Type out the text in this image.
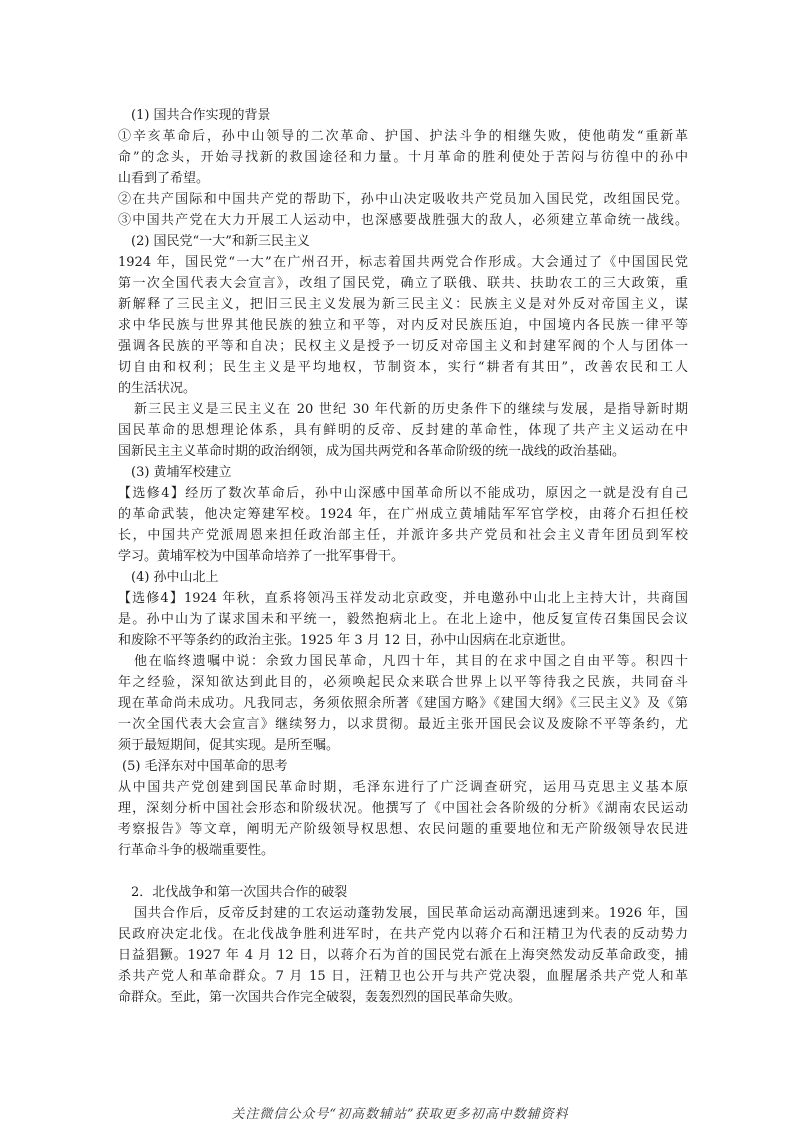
(1) 国共合作实现的背景
①辛亥革命后，孙中山领导的二次革命、护国、护法斗争的相继失败，使他萌发“重新革
命”的念头，开始寻找新的救国途径和力量。十月革命的胜利使处于苦闷与彷徨中的孙中
山看到了希望。
②在共产国际和中国共产党的帮助下，孙中山决定吸收共产党员加入国民党，改组国民党。
③中国共产党在大力开展工人运动中，也深感要战胜强大的敌人，必须建立革命统一战线。
(2) 国民党“一大”和新三民主义
1924 年，国民党“一大”在广州召开，标志着国共两党合作形成。大会通过了《中国国民党
第一次全国代表大会宣言》，改组了国民党，确立了联俄、联共、扶助农工的三大政策，重
新解释了三民主义，把旧三民主义发展为新三民主义：民族主义是对外反对帝国主义，谋
求中华民族与世界其他民族的独立和平等，对内反对民族压迫，中国境内各民族一律平等
强调各民族的平等和自决；民权主义是授予一切反对帝国主义和封建军阀的个人与团体一
切自由和权利；民生主义是平均地权，节制资本，实行“耕者有其田”，改善农民和工人
的生活状况。
新三民主义是三民主义在 20 世纪 30 年代新的历史条件下的继续与发展，是指导新时期
国民革命的思想理论体系，具有鲜明的反帝、反封建的革命性，体现了共产主义运动在中
国新民主主义革命时期的政治纲领，成为国共两党和各革命阶级的统一战线的政治基础。
(3) 黄埔军校建立
【选修4】经历了数次革命后，孙中山深感中国革命所以不能成功，原因之一就是没有自己
的革命武装，他决定筹建军校。1924 年，在广州成立黄埔陆军军官学校，由蒋介石担任校
长，中国共产党派周恩来担任政治部主任，并派许多共产党员和社会主义青年团员到军校
学习。黄埔军校为中国革命培养了一批军事骨干。
(4) 孙中山北上
【选修4】1924 年秋，直系将领冯玉祥发动北京政变，并电邀孙中山北上主持大计，共商国
是。孙中山为了谋求国未和平统一，毅然抱病北上。在北上途中，他反复宣传召集国民会议
和废除不平等条约的政治主张。1925 年 3 月 12 日，孙中山因病在北京逝世。
他在临终遗嘱中说：余致力国民革命，凡四十年，其目的在求中国之自由平等。积四十
年之经验，深知欲达到此目的，必须唤起民众来联合世界上以平等待我之民族，共同奋斗
现在革命尚未成功。凡我同志，务须依照余所著《建国方略》《建国大纲》《三民主义》及《第
一次全国代表大会宣言》继续努力，以求贯彻。最近主张开国民会议及废除不平等条约，尤
须于最短期间，促其实现。是所至嘱。
(5) 毛泽东对中国革命的思考
从中国共产党创建到国民革命时期，毛泽东进行了广泛调查研究，运用马克思主义基本原
理，深刻分析中国社会形态和阶级状况。他撰写了《中国社会各阶级的分析》《湖南农民运动
考察报告》等文章，阐明无产阶级领导权思想、农民问题的重要地位和无产阶级领导农民进
行革命斗争的极端重要性。
2．北伐战争和第一次国共合作的破裂
国共合作后，反帝反封建的工农运动蓬勃发展，国民革命运动高潮迅速到来。1926 年，国
民政府决定北伐。在北伐战争胜利进军时，在共产党内以蒋介石和汪精卫为代表的反动势力
日益猖獗。1927 年 4 月 12 日，以蒋介石为首的国民党右派在上海突然发动反革命政变，捕
杀共产党人和革命群众。7 月 15 日，汪精卫也公开与共产党决裂，血腥屠杀共产党人和革
命群众。至此，第一次国共合作完全破裂，轰轰烈烈的国民革命失败。
关注微信公众号“初高数辅站”获取更多初高中数辅资料
